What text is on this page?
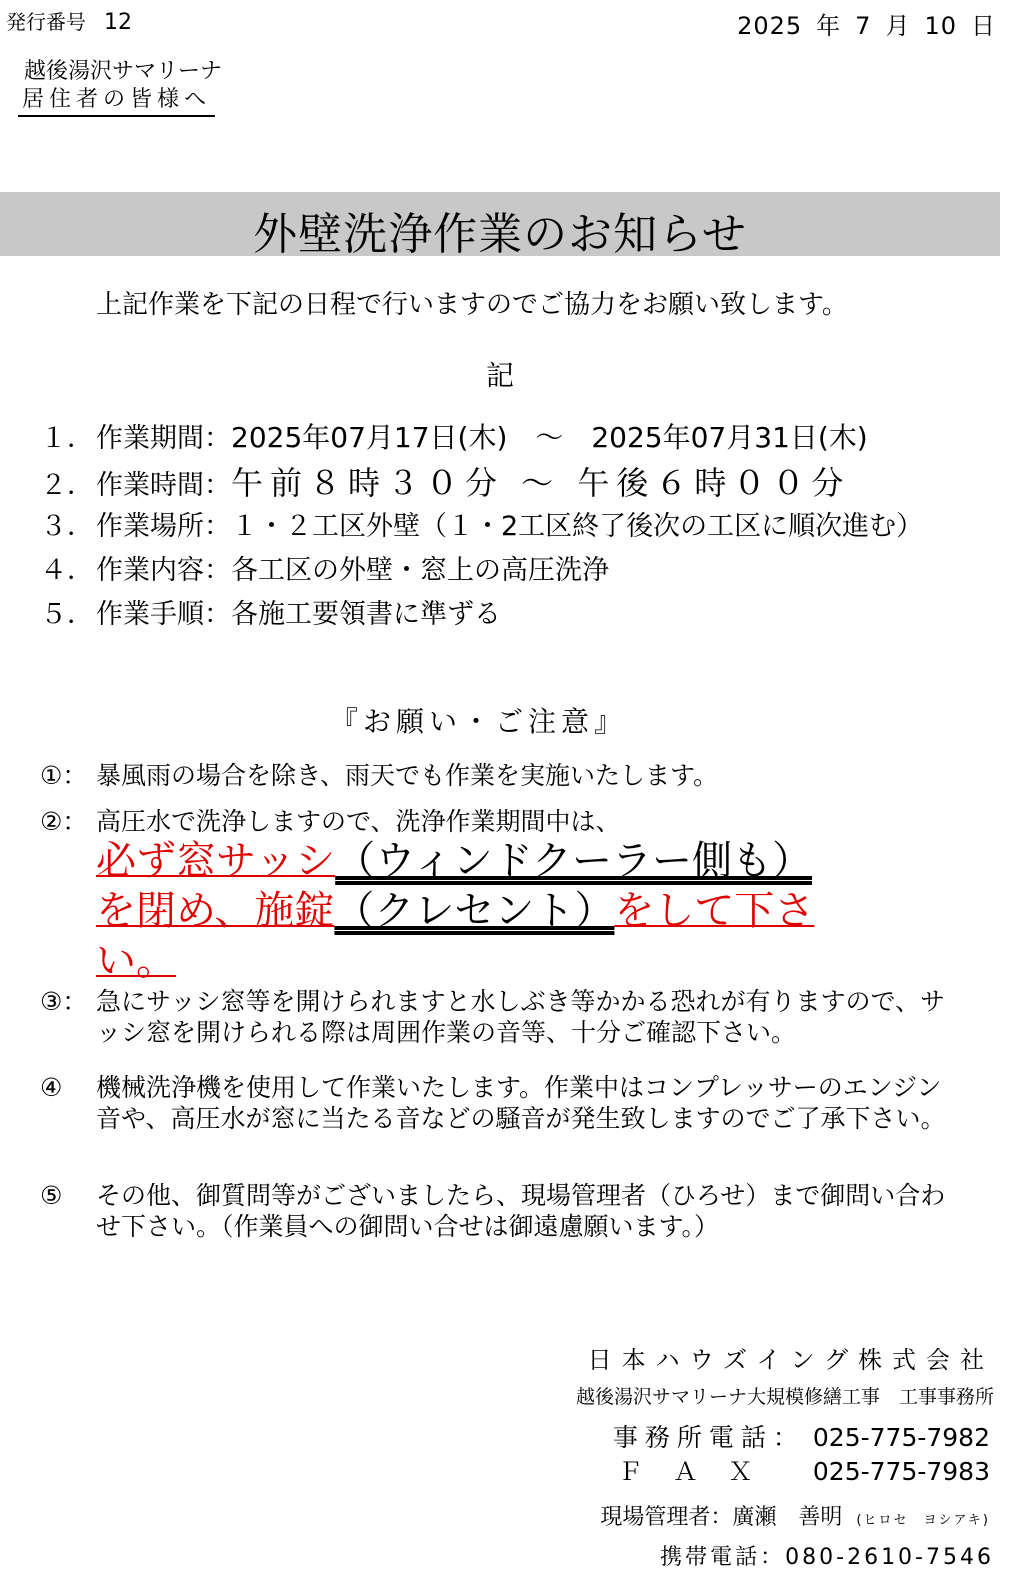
発行番号 12	2025 年 7 月 10 日
越後湯沢サマリーナ
居住者の皆様へ
外壁洗浄作業のお知らせ
上記作業を下記の日程で行いますのでご協力をお願い致します。
記
１．作業期間：2025年07月17日(木)　～　2025年07月31日(木)
２．作業時間：午前８時３０分 ～ 午後６時００分
３．作業場所：１・２工区外壁（１・2工区終了後次の工区に順次進む）
４．作業内容：各工区の外壁・窓上の高圧洗浄
５．作業手順：各施工要領書に準ずる
『お願い・ご注意』
①： 暴風雨の場合を除き、雨天でも作業を実施いたします。
②： 高圧水で洗浄しますので、洗浄作業期間中は、
必ず窓サッシ（ウィンドクーラー側も）
を閉め、施錠（クレセント）をして下さ
い。
③： 急にサッシ窓等を開けられますと水しぶき等かかる恐れが有りますので、サッシ窓を開けられる際は周囲作業の音等、十分ご確認下さい。
④ 機械洗浄機を使用して作業いたします。作業中はコンプレッサーのエンジン音や、高圧水が窓に当たる音などの騒音が発生致しますのでご了承下さい。
⑤ その他、御質問等がございましたら、現場管理者（ひろせ）まで御問い合わせ下さい。（作業員への御問い合せは御遠慮願います。）
日本ハウズイング株式会社
越後湯沢サマリーナ大規模修繕工事　工事事務所
事務所電話： 025-775-7982
ＦＡＸ 025-775-7983
現場管理者：廣瀬　善明 (ヒロセ　ヨシアキ)
携帯電話：080-2610-7546
